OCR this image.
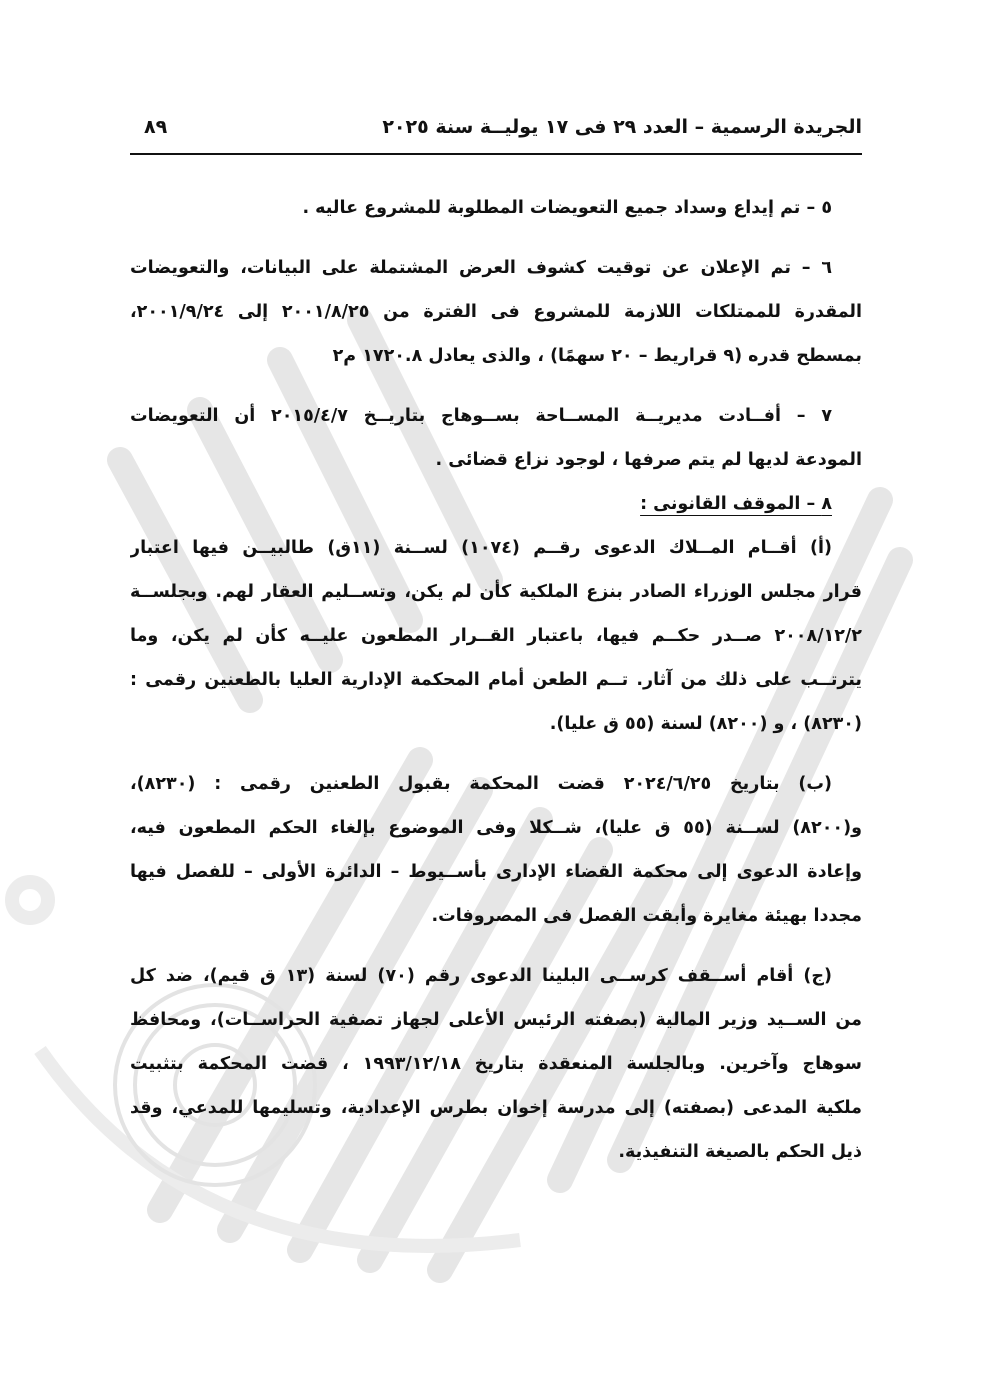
الجريدة الرسمية – العدد ٢٩ فى ١٧ يوليــة سنة ٢٠٢٥
٨٩
٥ – تم إيداع وسداد جميع التعويضات المطلوبة للمشروع عاليه .
٦ – تم الإعلان عن توقيت كشوف العرض المشتملة على البيانات، والتعويضات
المقدرة للممتلكات اللازمة للمشروع فى الفترة من ٢٠٠١/٨/٢٥ إلى ٢٠٠١/٩/٢٤،
بمسطح قدره (٩ قراريط – ٢٠ سهمًا) ، والذى يعادل ١٧٢٠.٨ م٢
٧ – أفــادت مديريــة المســاحة بســوهاج بتاريــخ ٢٠١٥/٤/٧ أن التعويضات
المودعة لديها لم يتم صرفها ، لوجود نزاع قضائى .
٨ – الموقف القانونى :
(أ) أقــام المــلاك الدعوى رقــم (١٠٧٤) لســنة (١١ق) طالبيــن فيها اعتبار
قرار مجلس الوزراء الصادر بنزع الملكية كأن لم يكن، وتســليم العقار لهم. وبجلســة
٢٠٠٨/١٢/٢ صــدر حكــم فيها، باعتبار القــرار المطعون عليــه كأن لم يكن، وما
يترتــب على ذلك من آثار. تــم الطعن أمام المحكمة الإدارية العليا بالطعنين رقمى :
(٨٢٣٠) ، و (٨٢٠٠) لسنة (٥٥ ق عليا).
(ب) بتاريخ ٢٠٢٤/٦/٢٥ قضت المحكمة بقبول الطعنين رقمى : (٨٢٣٠)،
و(٨٢٠٠) لســنة (٥٥ ق عليا)، شــكلا وفى الموضوع بإلغاء الحكم المطعون فيه،
وإعادة الدعوى إلى محكمة القضاء الإدارى بأســيوط – الدائرة الأولى – للفصل فيها
مجددا بهيئة مغايرة وأبقت الفصل فى المصروفات.
(ج) أقام أســقف كرســى البلينا الدعوى رقم (٧٠) لسنة (١٣ ق قيم)، ضد كل
من الســيد وزير المالية (بصفته الرئيس الأعلى لجهاز تصفية الحراســات)، ومحافظ
سوهاج وآخرين. وبالجلسة المنعقدة بتاريخ ١٩٩٣/١٢/١٨ ، قضت المحكمة بتثبيت
ملكية المدعى (بصفته) إلى مدرسة إخوان بطرس الإعدادية، وتسليمها للمدعي، وقد
ذيل الحكم بالصيغة التنفيذية.
